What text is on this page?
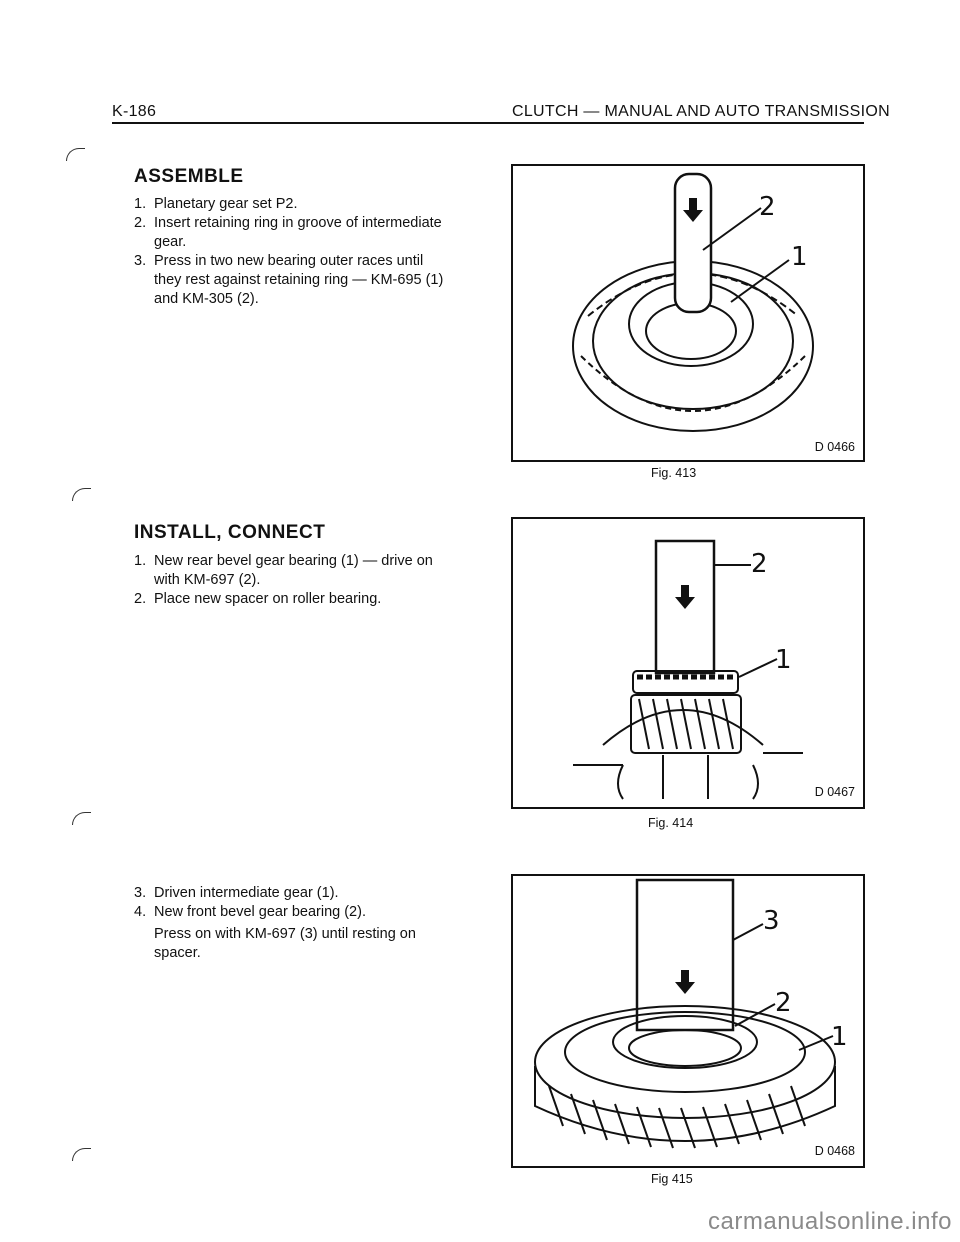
K-186	CLUTCH — MANUAL AND AUTO TRANSMISSION
ASSEMBLE
1. Planetary gear set P2.
2. Insert retaining ring in groove of intermediate gear.
3. Press in two new bearing outer races until they rest against retaining ring — KM-695 (1) and KM-305 (2).
INSTALL, CONNECT
1. New rear bevel gear bearing (1) — drive on with KM-697 (2).
2. Place new spacer on roller bearing.
3. Driven intermediate gear (1).
4. New front bevel gear bearing (2).
Press on with KM-697 (3) until resting on spacer.
2
1
D 0466
Fig. 413
2
1
D 0467
Fig. 414
3
2
1
D 0468
Fig 415
carmanualsonline.info
